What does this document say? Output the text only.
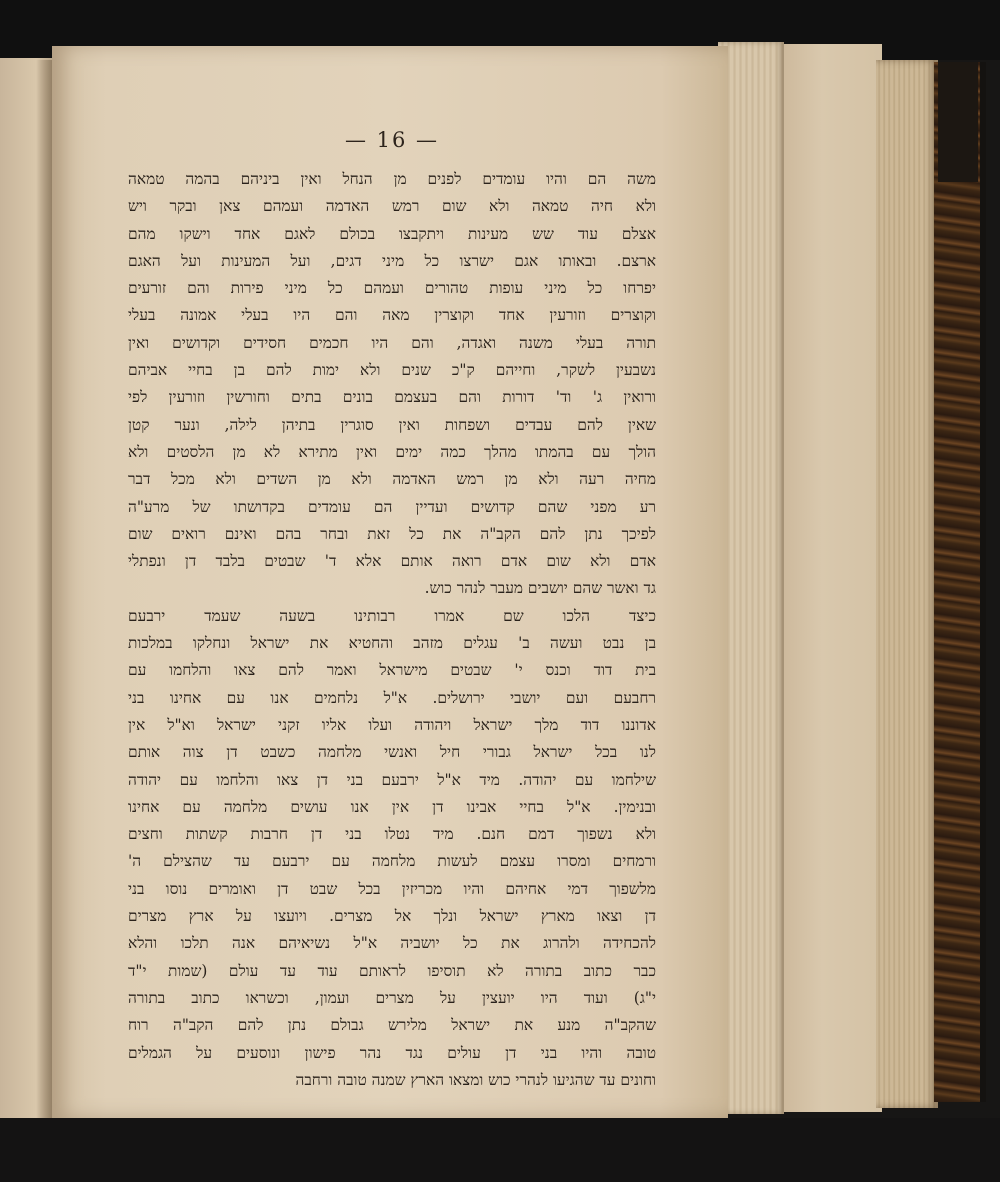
— 16 —
משה הם והיו עומדים לפנים מן הנחל ואין ביניהם בהמה טמאה
ולא חיה טמאה ולא שום רמש האדמה ועמהם צאן ובקר ויש
אצלם עוד שש מעינות ויתקבצו בכולם לאגם אחד וישקו מהם
ארצם. ובאותו אגם ישרצו כל מיני דגים, ועל המעינות ועל האגם
יפרחו כל מיני עופות טהורים ועמהם כל מיני פירות והם זורעים
וקוצרים וזורעין אחד וקוצרין מאה והם היו בעלי אמונה בעלי
תורה בעלי משנה ואגדה, והם היו חכמים חסידים וקדושים ואין
נשבעין לשקר, וחייהם ק"כ שנים ולא ימות להם בן בחיי אביהם
ורואין ג' וד' דורות והם בעצמם בונים בתים וחורשין וזורעין לפי
שאין להם עבדים ושפחות ואין סוגרין בתיהן לילה, ונער קטן
הולך עם בהמתו מהלך כמה ימים ואין מתירא לא מן הלסטים ולא
מחיה רעה ולא מן רמש האדמה ולא מן השדים ולא מכל דבר
רע מפני שהם קדושים ועדיין הם עומדים בקדושתו של מרע"ה
לפיכך נתן להם הקב"ה את כל זאת ובחר בהם ואינם רואים שום
אדם ולא שום אדם רואה אותם אלא ד' שבטים בלבד דן ונפתלי
גד ואשר שהם יושבים מעבר לנהר כוש.
כיצד הלכו שם אמרו רבותינו בשעה שעמד ירבעם
בן נבט ועשה ב' עגלים מזהב והחטיא את ישראל ונחלקו במלכות
בית דוד וכנס י' שבטים מישראל ואמר להם צאו והלחמו עם
רחבעם ועם יושבי ירושלים. א"ל נלחמים אנו עם אחינו בני
אדוננו דוד מלך ישראל ויהודה ועלו אליו זקני ישראל וא"ל אין
לנו בכל ישראל גבורי חיל ואנשי מלחמה כשבט דן צוה אותם
שילחמו עם יהודה. מיד א"ל ירבעם בני דן צאו והלחמו עם יהודה
ובנימין. א"ל בחיי אבינו דן אין אנו עושים מלחמה עם אחינו
ולא נשפוך דמם חנם. מיד נטלו בני דן חרבות קשתות וחצים
ורמחים ומסרו עצמם לעשות מלחמה עם ירבעם עד שהצילם ה'
מלשפוך דמי אחיהם והיו מכריזין בכל שבט דן ואומרים נוסו בני
דן וצאו מארץ ישראל ונלך אל מצרים. ויועצו על ארץ מצרים
להכחידה ולהרוג את כל יושביה א"ל נשיאיהם אנה תלכו והלא
כבר כתוב בתורה לא תוסיפו לראותם עוד עד עולם (שמות י"ד
י"ג) ועוד היו יועצין על מצרים ועמון, וכשראו כתוב בתורה
שהקב"ה מנע את ישראל מלירש גבולם נתן להם הקב"ה רוח
טובה והיו בני דן עולים נגד נהר פישון ונוסעים על הגמלים
וחונים עד שהגיעו לנהרי כוש ומצאו הארץ שמנה טובה ורחבה
